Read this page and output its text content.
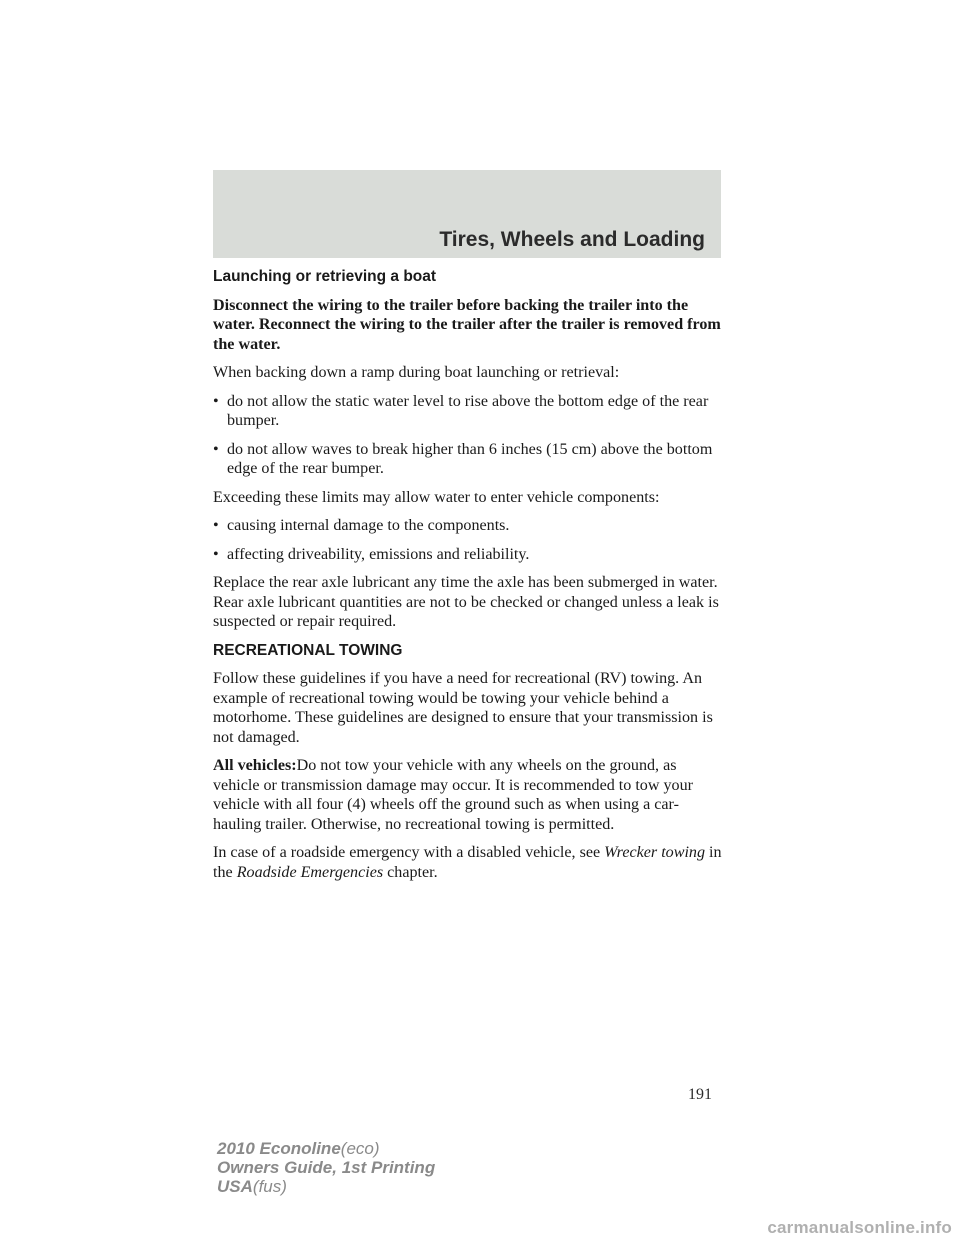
Tires, Wheels and Loading
Launching or retrieving a boat

Disconnect the wiring to the trailer before backing the trailer into the water. Reconnect the wiring to the trailer after the trailer is removed from the water.

When backing down a ramp during boat launching or retrieval:

• do not allow the static water level to rise above the bottom edge of the rear bumper.
• do not allow waves to break higher than 6 inches (15 cm) above the bottom edge of the rear bumper.

Exceeding these limits may allow water to enter vehicle components:

• causing internal damage to the components.
• affecting driveability, emissions and reliability.

Replace the rear axle lubricant any time the axle has been submerged in water. Rear axle lubricant quantities are not to be checked or changed unless a leak is suspected or repair required.

RECREATIONAL TOWING

Follow these guidelines if you have a need for recreational (RV) towing. An example of recreational towing would be towing your vehicle behind a motorhome. These guidelines are designed to ensure that your transmission is not damaged.

All vehicles:Do not tow your vehicle with any wheels on the ground, as vehicle or transmission damage may occur. It is recommended to tow your vehicle with all four (4) wheels off the ground such as when using a car-hauling trailer. Otherwise, no recreational towing is permitted.

In case of a roadside emergency with a disabled vehicle, see Wrecker towing in the Roadside Emergencies chapter.

191
2010 Econoline(eco)
Owners Guide, 1st Printing
USA(fus)
carmanualsonline.info
